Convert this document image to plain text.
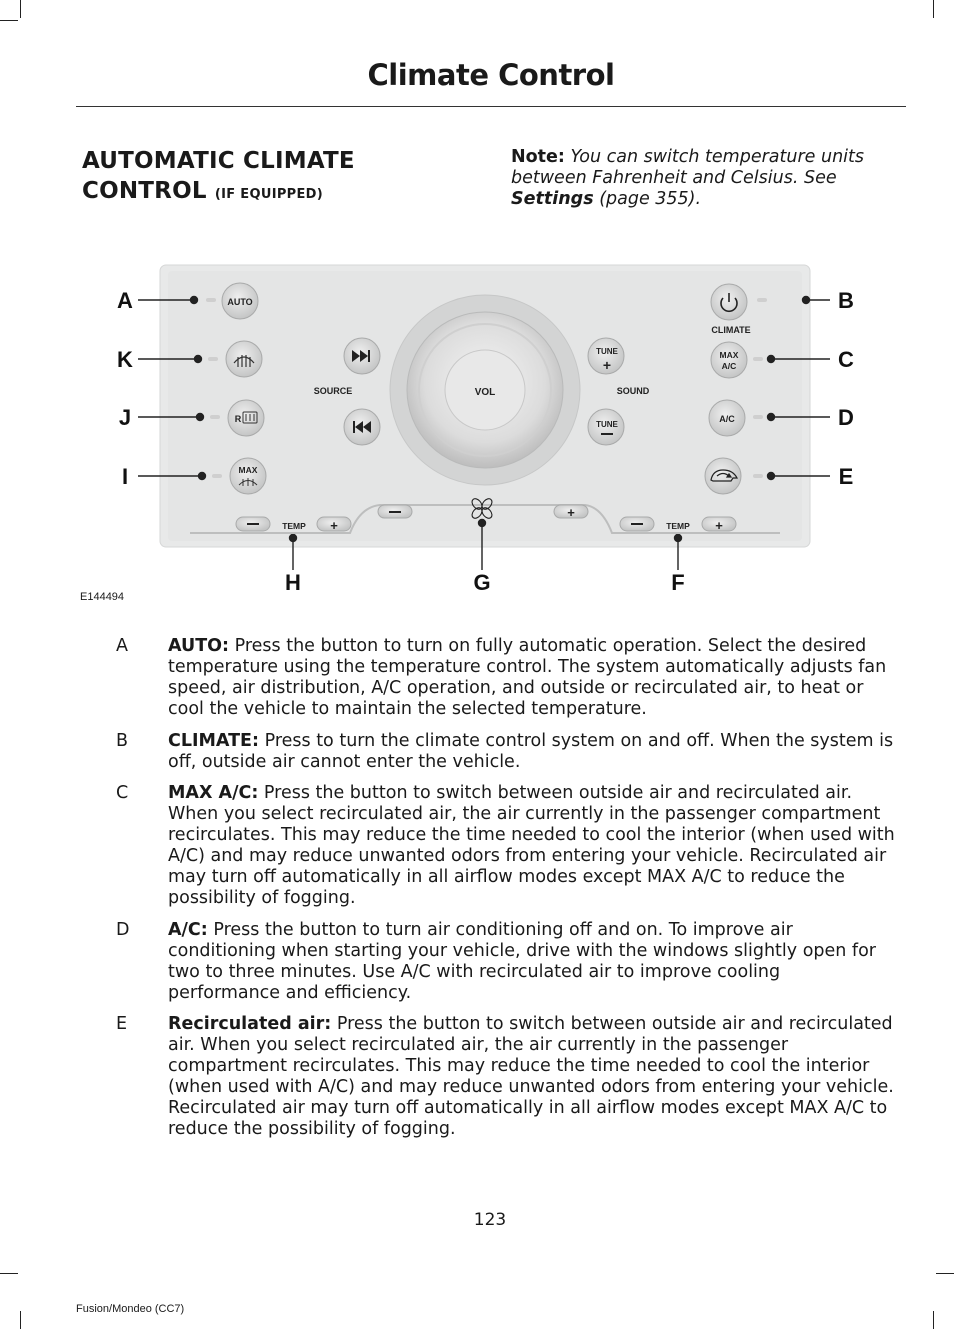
Climate Control
AUTOMATIC CLIMATE CONTROL (IF EQUIPPED)
Note: You can switch temperature units between Fahrenheit and Celsius. See Settings (page 355).
VOL
AUTO
R
MAX
SOURCE
TUNE
+
SOUND
TUNE
CLIMATE
MAX
A/C
A/C
TEMP +
+
TEMP +
A
K
J
I
B
C
D
E
H	G	F
E144494
A AUTO: Press the button to turn on fully automatic operation. Select the desired temperature using the temperature control. The system automatically adjusts fan speed, air distribution, A/C operation, and outside or recirculated air, to heat or cool the vehicle to maintain the selected temperature.
B CLIMATE: Press to turn the climate control system on and off. When the system is off, outside air cannot enter the vehicle.
C MAX A/C: Press the button to switch between outside air and recirculated air. When you select recirculated air, the air currently in the passenger compartment recirculates. This may reduce the time needed to cool the interior (when used with A/C) and may reduce unwanted odors from entering your vehicle. Recirculated air may turn off automatically in all airflow modes except MAX A/C to reduce the possibility of fogging.
D A/C: Press the button to turn air conditioning off and on. To improve air conditioning when starting your vehicle, drive with the windows slightly open for two to three minutes. Use A/C with recirculated air to improve cooling performance and efficiency.
E Recirculated air: Press the button to switch between outside air and recirculated air. When you select recirculated air, the air currently in the passenger compartment recirculates. This may reduce the time needed to cool the interior (when used with A/C) and may reduce unwanted odors from entering your vehicle. Recirculated air may turn off automatically in all airflow modes except MAX A/C to reduce the possibility of fogging.
123
Fusion/Mondeo (CC7)
